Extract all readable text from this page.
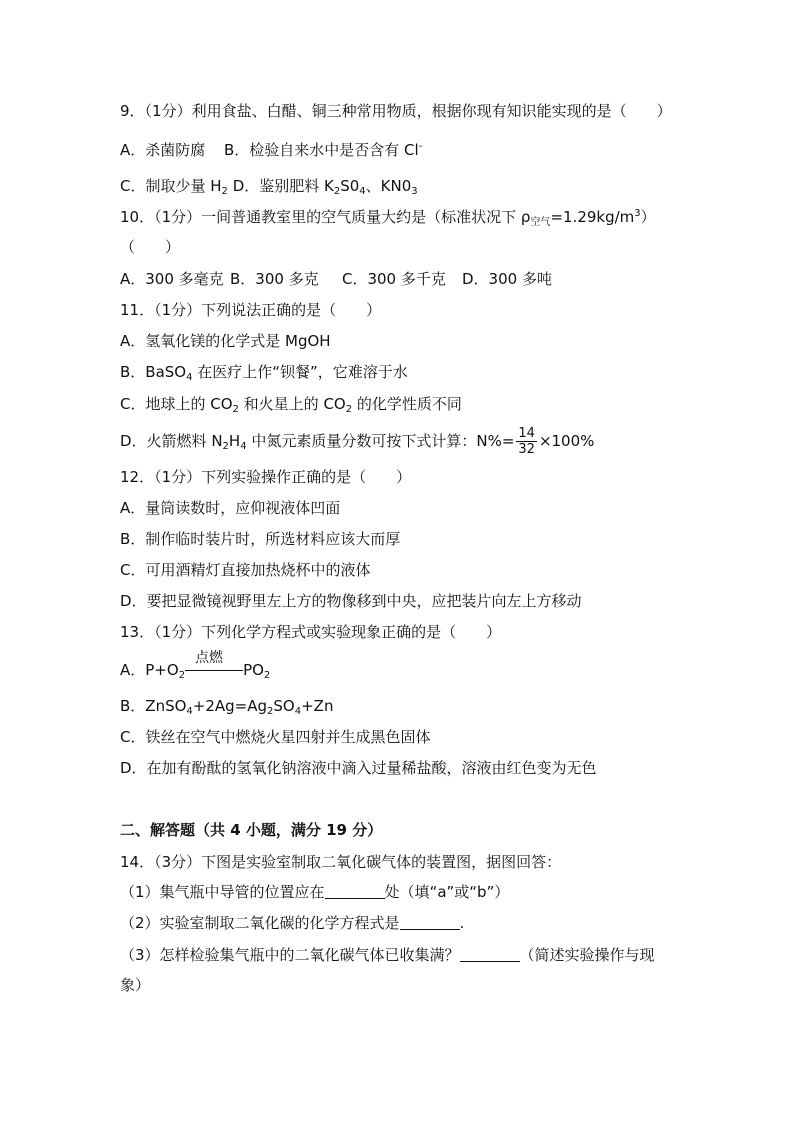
9．（1分）利用食盐、白醋、铜三种常用物质，根据你现有知识能实现的是（　　）
A．杀菌防腐 B．检验自来水中是否含有 Cl-
C．制取少量 $H_2$ D．鉴别肥料 $K_2S0_4$、$KN0_3$
10．（1分）一间普通教室里的空气质量大约是（标准状况下 $\rho_{空气}=1.29kg/m^3$）
（　　）
A．300 多毫克 B．300 多克 C．300 多千克 D．300 多吨
11．（1分）下列说法正确的是（　　）
A．氢氧化镁的化学式是 MgOH
B．BaSO$_4$ 在医疗上作“钡餐”，它难溶于水
C．地球上的 $CO_2$ 和火星上的 $CO_2$ 的化学性质不同
D．火箭燃料 $N_2H_4$ 中氮元素质量分数可按下式计算：$N\%= \frac{14}{32} \times 100\%$
12．（1分）下列实验操作正确的是（　　）
A．量筒读数时，应仰视液体凹面
B．制作临时装片时，所选材料应该大而厚
C．可用酒精灯直接加热烧杯中的液体
D．要把显微镜视野里左上方的物像移到中央，应把装片向左上方移动
13．（1分）下列化学方程式或实验现象正确的是（　　）
A．$P+O_2$
点燃
$PO_2$
B．$ZnSO_4+2Ag=Ag_2SO_4+Zn$
C．铁丝在空气中燃烧火星四射并生成黑色固体
D．在加有酚酞的氢氧化钠溶液中滴入过量稀盐酸，溶液由红色变为无色
二、解答题（共 4 小题，满分 19 分）
14．（3分）下图是实验室制取二氧化碳气体的装置图，据图回答：
（1）集气瓶中导管的位置应在	处（填“a”或“b”）
（2）实验室制取二氧化碳的化学方程式是	.
（3）怎样检验集气瓶中的二氧化碳气体已收集满？	（简述实验操作与现
象）
